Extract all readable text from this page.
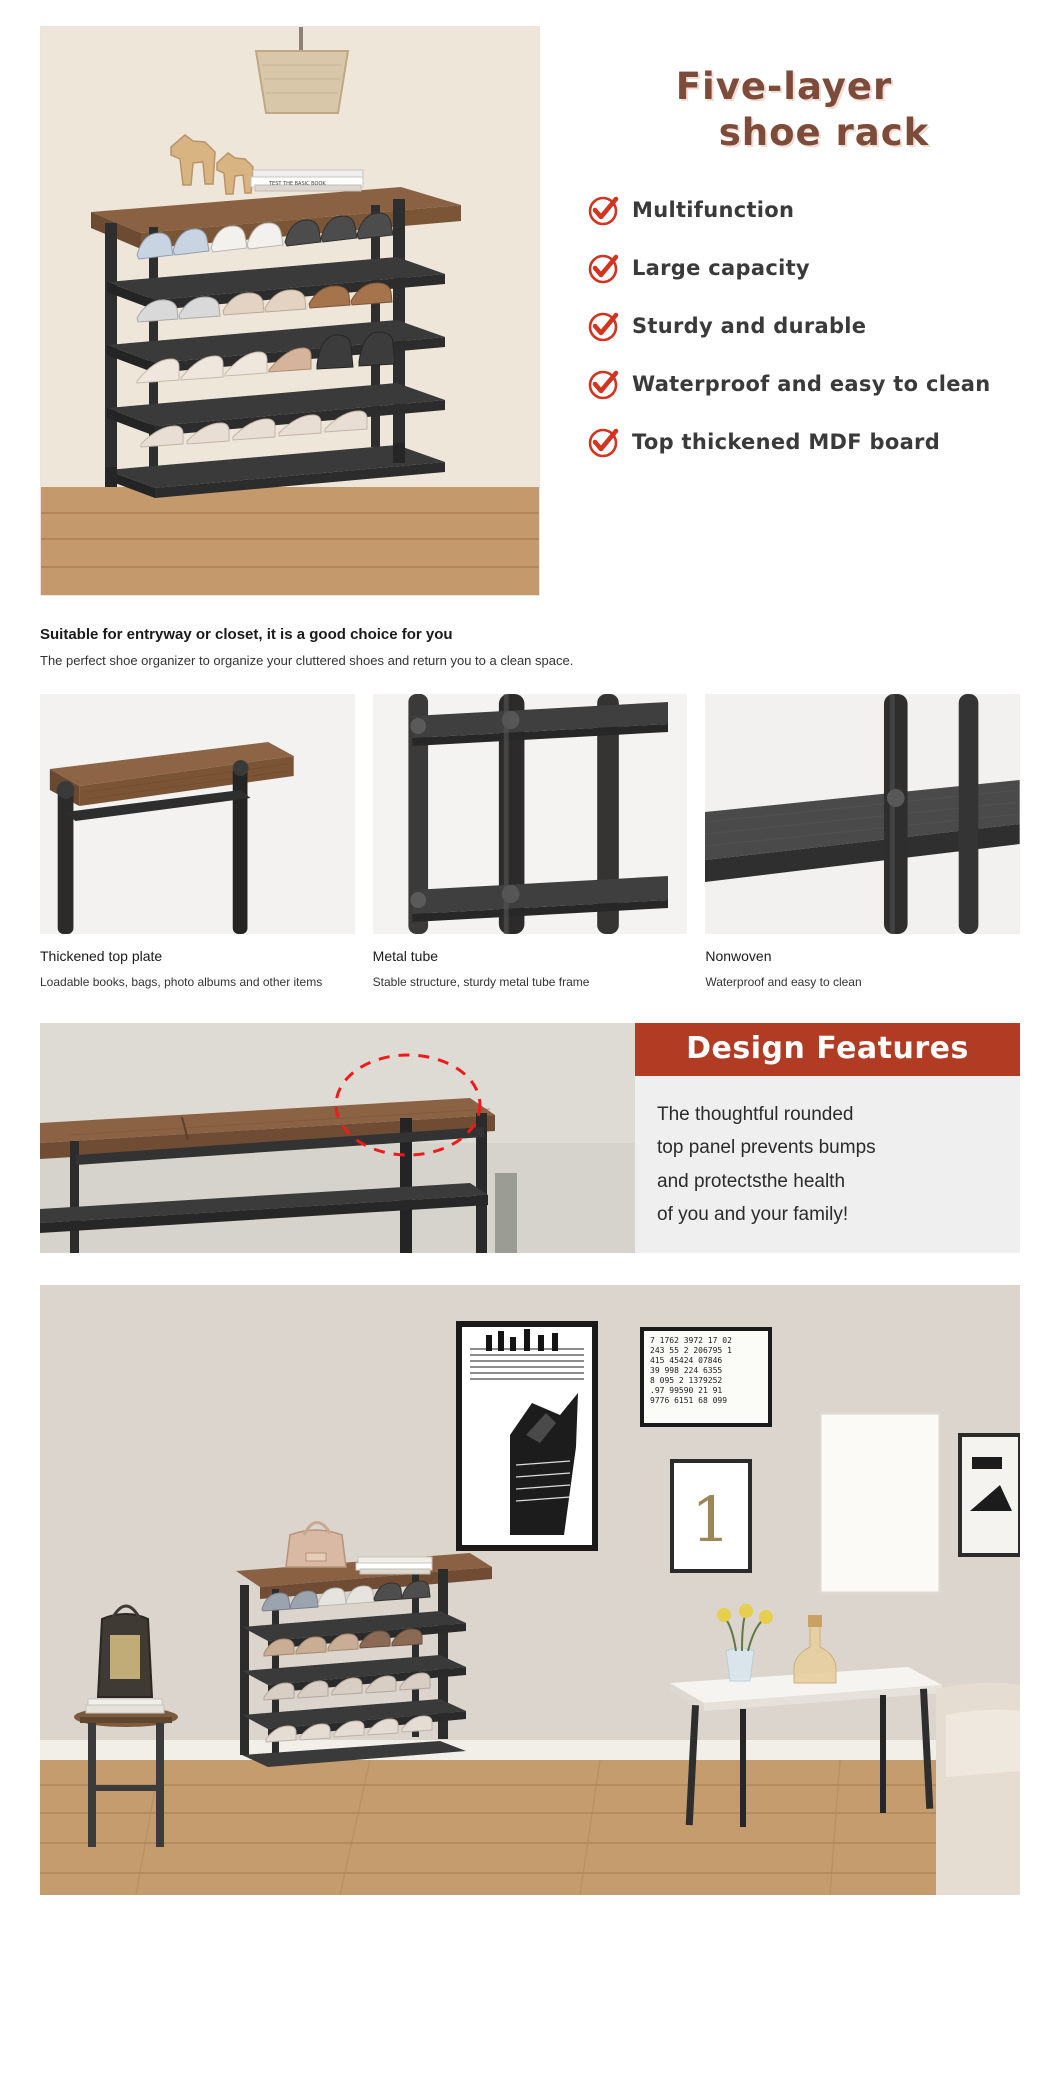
TEST THE BASIC BOOK
Five-layer
shoe rack
Multifunction
Large capacity
Sturdy and durable
Waterproof and easy to clean
Top thickened MDF board
Suitable for entryway or closet, it is a good choice for you
The perfect shoe organizer to organize your cluttered shoes and return you to a clean space.
Thickened top plate
Loadable books, bags, photo albums and other items
Metal tube
Stable structure, sturdy metal tube frame
Nonwoven
Waterproof and easy to clean
Design Features
The thoughtful rounded
top panel prevents bumps
and protectsthe health
of you and your family!
7 1762 3972 17 02
243 55 2 206795 1
415 45424 07846
39 998 224 6355
8 095 2 1379252
.97 99590 21 91
9776 6151 68 099
1
